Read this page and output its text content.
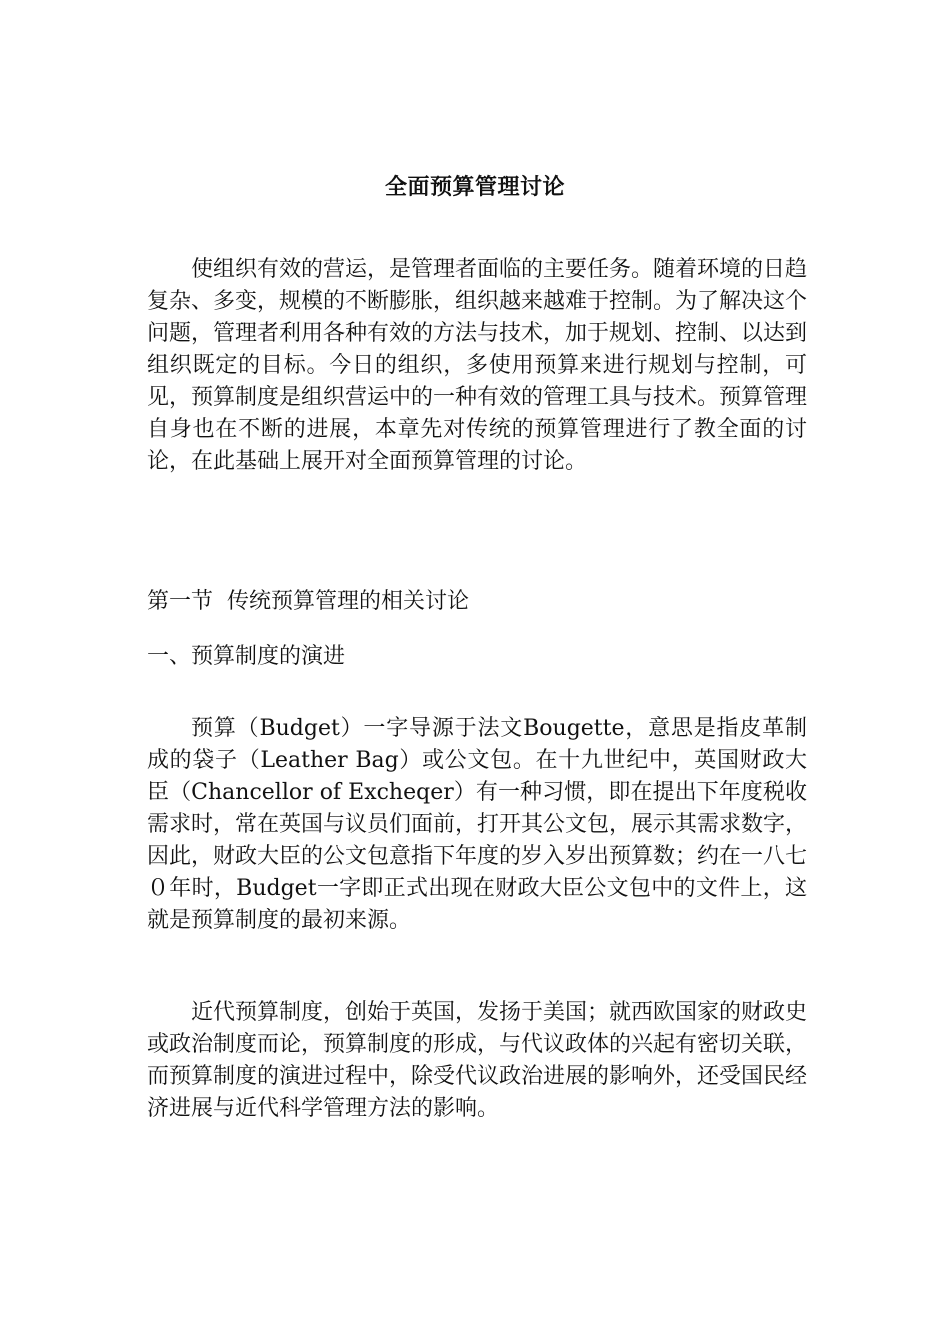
全面预算管理讨论

使组织有效的营运，是管理者面临的主要任务。随着环境的日趋复杂、多变，规模的不断膨胀，组织越来越难于控制。为了解决这个问题，管理者利用各种有效的方法与技术，加于规划、控制、以达到组织既定的目标。今日的组织，多使用预算来进行规划与控制，可见，预算制度是组织营运中的一种有效的管理工具与技术。预算管理自身也在不断的进展，本章先对传统的预算管理进行了教全面的讨论，在此基础上展开对全面预算管理的讨论。

第一节  传统预算管理的相关讨论

一、预算制度的演进

预算（Budget）一字导源于法文Bougette，意思是指皮革制成的袋子（Leather Bag）或公文包。在十九世纪中，英国财政大臣（Chancellor of Excheqer）有一种习惯，即在提出下年度税收需求时，常在英国与议员们面前，打开其公文包，展示其需求数字，因此，财政大臣的公文包意指下年度的岁入岁出预算数；约在一八七０年时，Budget一字即正式出现在财政大臣公文包中的文件上，这就是预算制度的最初来源。

近代预算制度，创始于英国，发扬于美国；就西欧国家的财政史或政治制度而论，预算制度的形成，与代议政体的兴起有密切关联，而预算制度的演进过程中，除受代议政治进展的影响外，还受国民经济进展与近代科学管理方法的影响。
